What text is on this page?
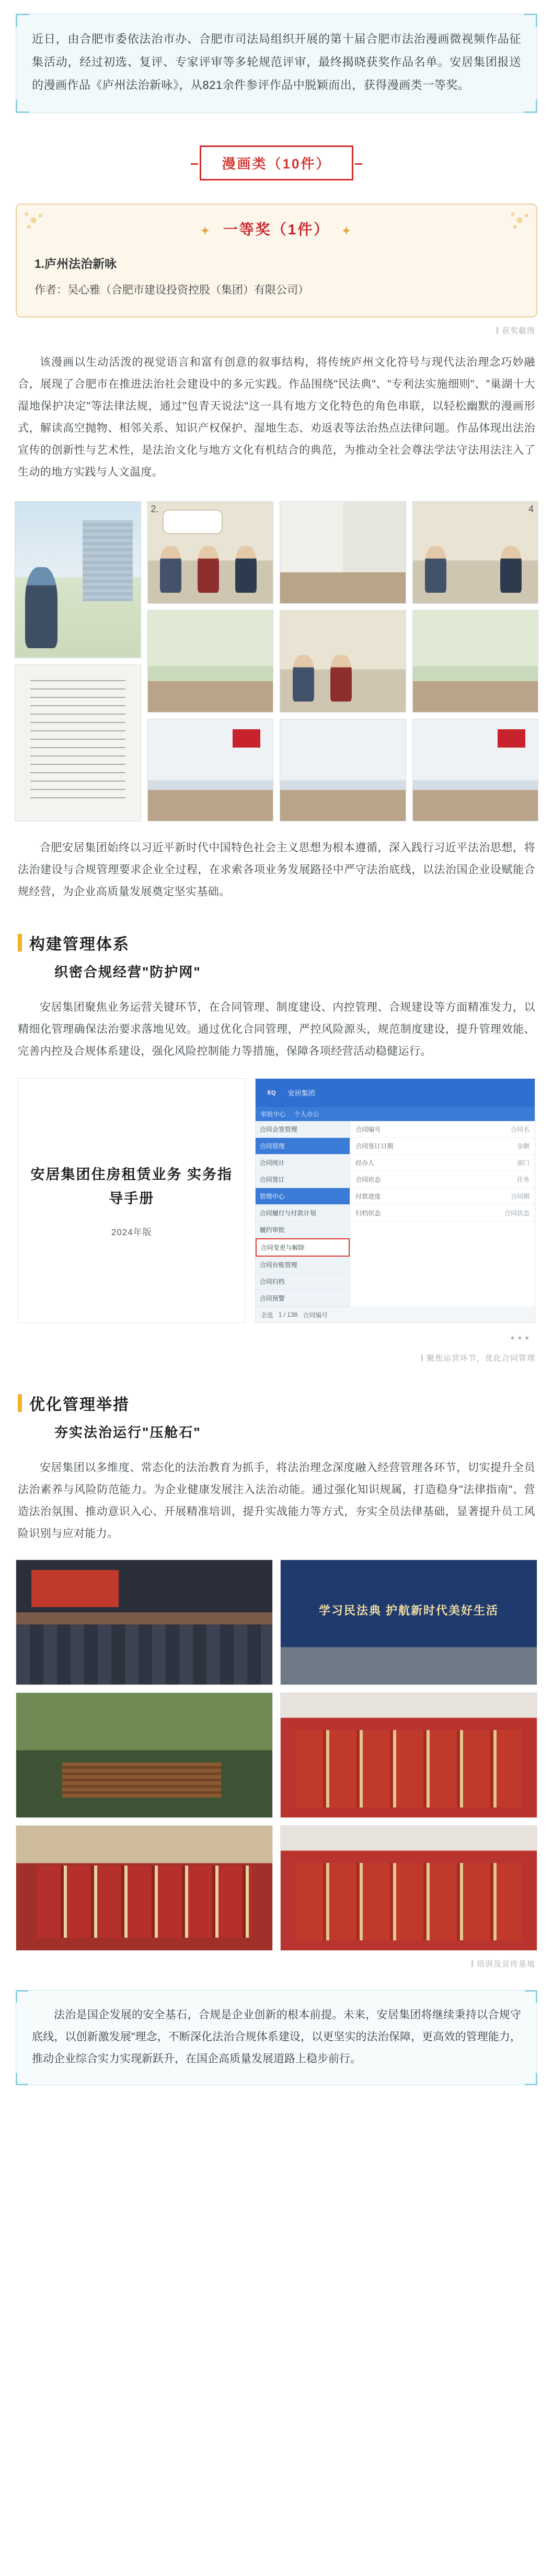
近日，由合肥市委依法治市办、合肥市司法局组织开展的第十届合肥市法治漫画微视频作品征集活动，经过初选、复评、专家评审等多轮规范评审，最终揭晓获奖作品名单。安居集团报送的漫画作品《庐州法治新咏》，从821余件参评作品中脱颖而出，获得漫画类一等奖。
漫画类（10件）
✦ 一等奖（1件） ✦
1.庐州法治新咏
作者：吴心雅（合肥市建设投资控股（集团）有限公司）
获奖截图
该漫画以生动活泼的视觉语言和富有创意的叙事结构，将传统庐州文化符号与现代法治理念巧妙融合，展现了合肥市在推进法治社会建设中的多元实践。作品围绕"民法典"、"专利法实施细则"、"巢湖十大湿地保护决定"等法律法规，通过"包青天说法"这一具有地方文化特色的角色串联，以轻松幽默的漫画形式，解读高空抛物、相邻关系、知识产权保护、湿地生态、劝返表等法治热点法律问题。作品体现出法治宣传的创新性与艺术性，是法治文化与地方文化有机结合的典范，为推动全社会尊法学法守法用法注入了生动的地方实践与人文温度。
2.	4
合肥安居集团始终以习近平新时代中国特色社会主义思想为根本遵循，深入践行习近平法治思想，将法治建设与合规管理要求企业全过程，在求索各项业务发展路径中严守法治底线，以法治国企业设赋能合规经营，为企业高质量发展奠定坚实基础。
构建管理体系
织密合规经营"防护网"
安居集团聚焦业务运营关键环节，在合同管理、制度建设、内控管理、合规建设等方面精准发力，以精细化管理确保法治要求落地见效。通过优化合同管理，严控风险源头，规范制度建设，提升管理效能、完善内控及合规体系建设，强化风险控制能力等措施，保障各项经营活动稳健运行。
安居集团住房租赁业务 实务指导手册
2024年版
EQ	安居集团
审批中心 个人办公
合同会签管理
合同管理
合同统计
合同签订
管理中心
合同履行与付款计划
履约审批
合同变更与解除
合同台账管理
合同归档
合同预警
合同编号	合同名
合同签订日期	金额
经办人	部门
合同状态	任务
付款进度	合同期
归档状态	合同状态
全选 1 / 138 合同编号
•••
聚焦运营环节，优化合同管理
优化管理举措
夯实法治运行"压舱石"
安居集团以多维度、常态化的法治教育为抓手，将法治理念深度融入经营管理各环节，切实提升全员法治素养与风险防范能力。为企业健康发展注入法治动能。通过强化知识规属，打造稳身"法律指南"、营造法治氛围、推动意识入心、开展精准培训，提升实战能力等方式，夯实全员法律基础，显著提升员工风险识别与应对能力。
学习民法典 护航新时代美好生活
培训及宣传基地
法治是国企发展的安全基石，合规是企业创新的根本前提。未来，安居集团将继续秉持以合规守底线，以创新激发展"理念，不断深化法治合规体系建设，以更坚实的法治保障，更高效的管理能力，推动企业综合实力实现新跃升，在国企高质量发展道路上稳步前行。
